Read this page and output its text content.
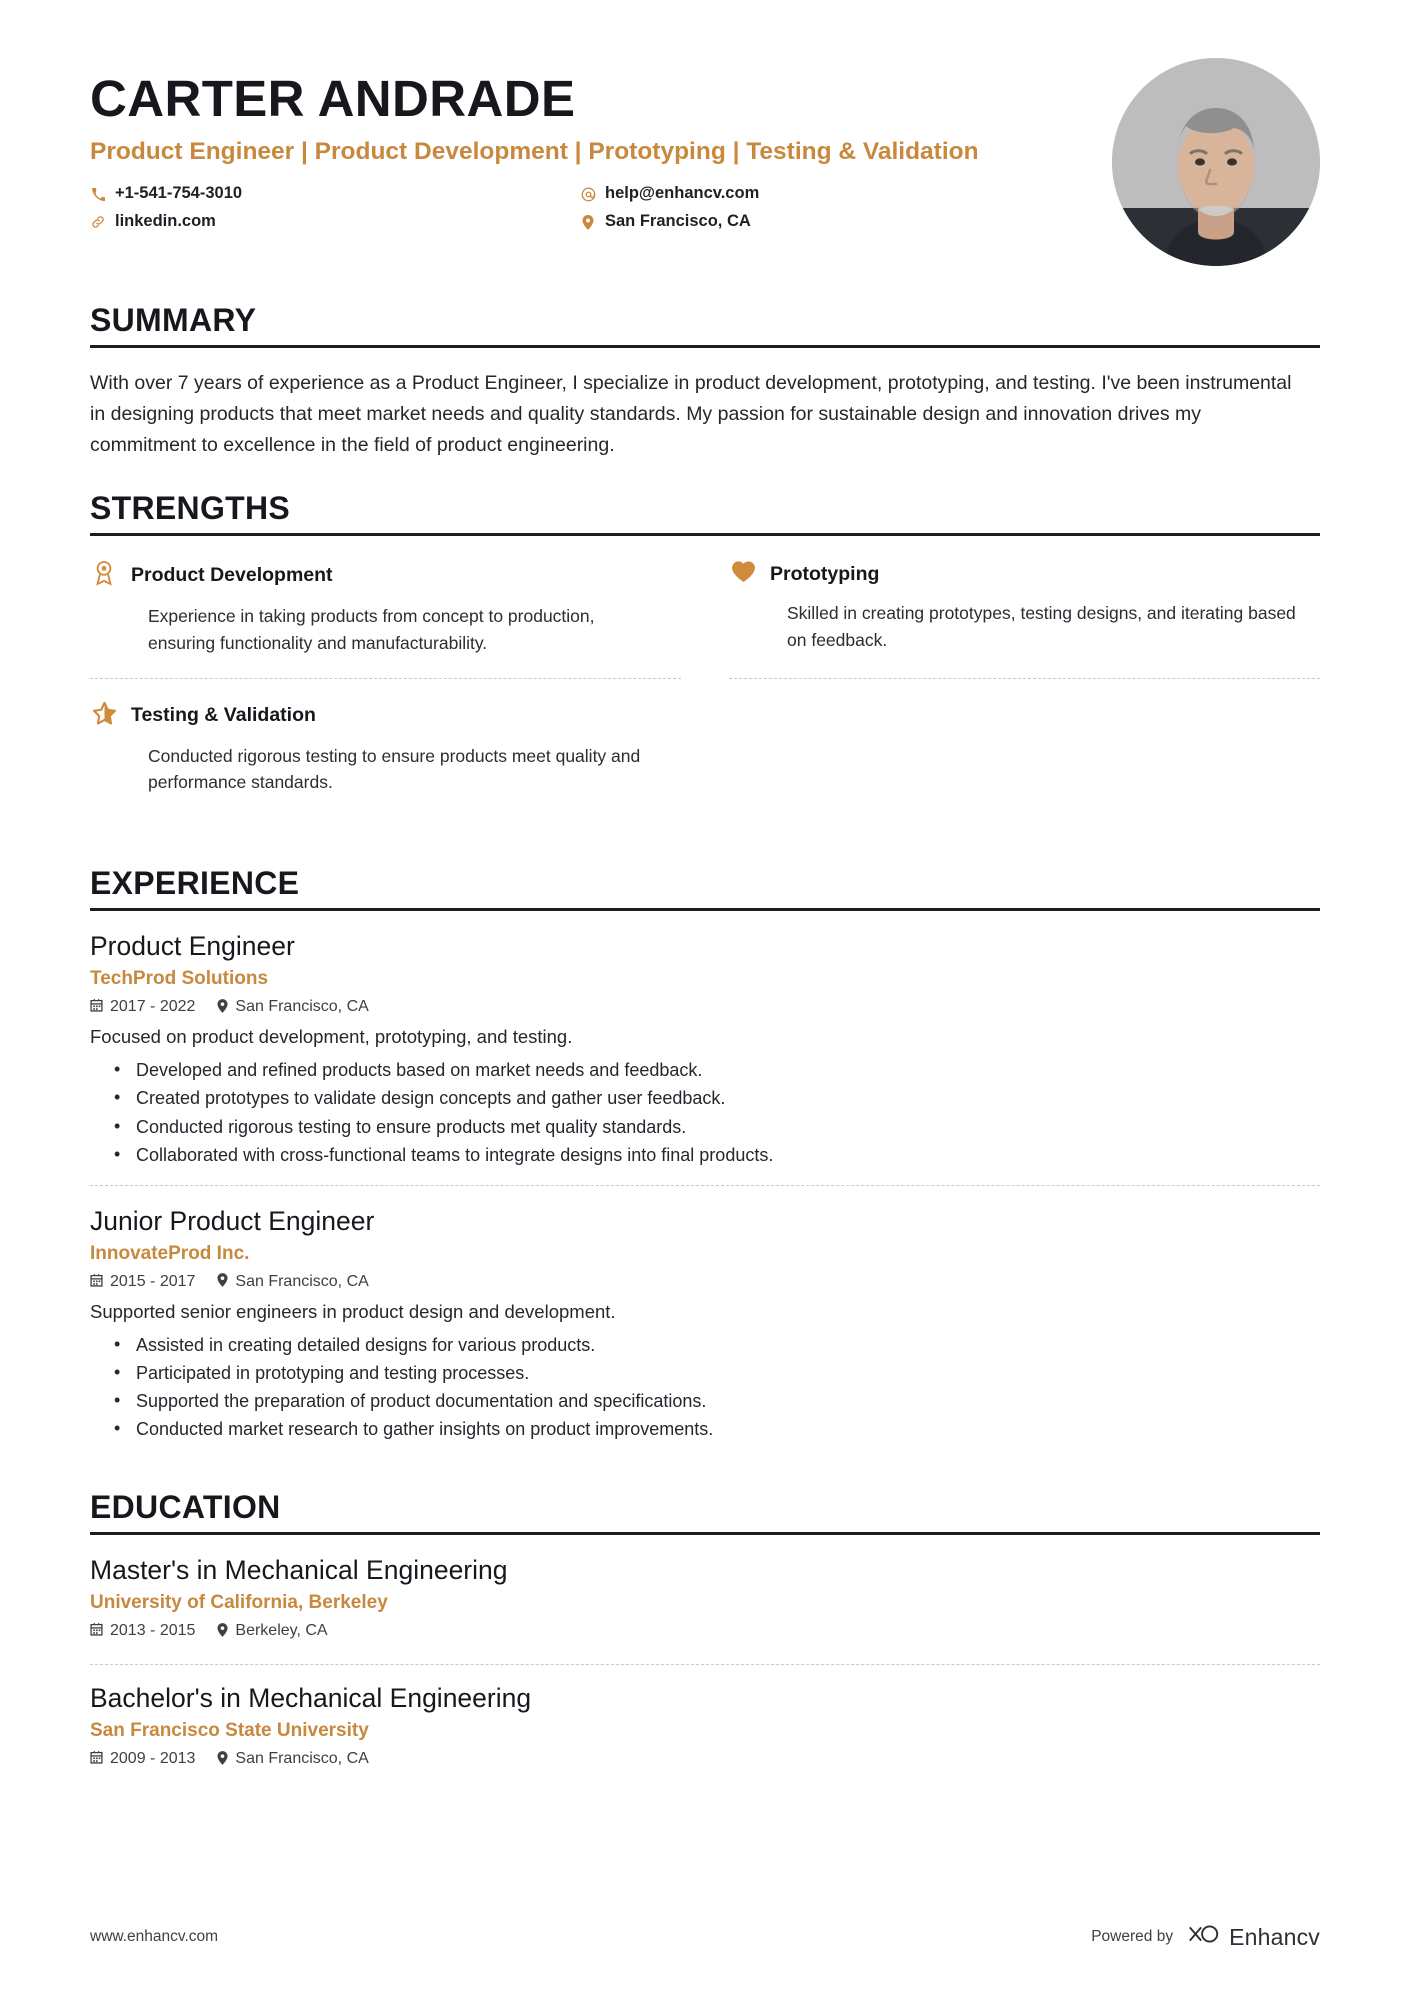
CARTER ANDRADE
Product Engineer | Product Development | Prototyping | Testing & Validation
+1-541-754-3010	help@enhancv.com
linkedin.com	San Francisco, CA
SUMMARY
With over 7 years of experience as a Product Engineer, I specialize in product development, prototyping, and testing. I've been instrumental in designing products that meet market needs and quality standards. My passion for sustainable design and innovation drives my commitment to excellence in the field of product engineering.
STRENGTHS
Product Development
Experience in taking products from concept to production, ensuring functionality and manufacturability.
Prototyping
Skilled in creating prototypes, testing designs, and iterating based on feedback.
Testing & Validation
Conducted rigorous testing to ensure products meet quality and performance standards.
EXPERIENCE
Product Engineer
TechProd Solutions
2017 - 2022	San Francisco, CA
Focused on product development, prototyping, and testing.
• Developed and refined products based on market needs and feedback.
• Created prototypes to validate design concepts and gather user feedback.
• Conducted rigorous testing to ensure products met quality standards.
• Collaborated with cross-functional teams to integrate designs into final products.
Junior Product Engineer
InnovateProd Inc.
2015 - 2017	San Francisco, CA
Supported senior engineers in product design and development.
• Assisted in creating detailed designs for various products.
• Participated in prototyping and testing processes.
• Supported the preparation of product documentation and specifications.
• Conducted market research to gather insights on product improvements.
EDUCATION
Master's in Mechanical Engineering
University of California, Berkeley
2013 - 2015	Berkeley, CA
Bachelor's in Mechanical Engineering
San Francisco State University
2009 - 2013	San Francisco, CA
www.enhancv.com	Powered by Enhancv
